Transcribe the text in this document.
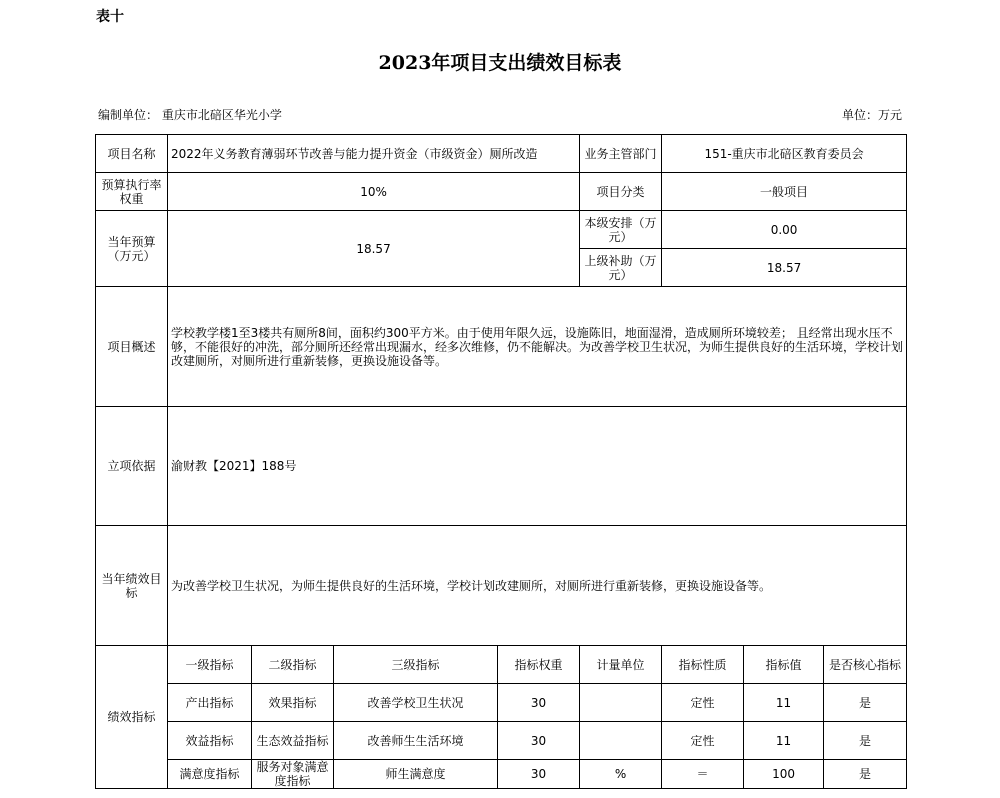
表十
2023年项目支出绩效目标表
编制单位： 重庆市北碚区华光小学	单位：万元
项目名称	2022年义务教育薄弱环节改善与能力提升资金（市级资金）厕所改造				业务主管部门	151-重庆市北碚区教育委员会		
预算执行率权重	10%				项目分类	一般项目		
当年预算（万元）	18.57				本级安排（万元）	0.00		
					上级补助（万元）	18.57		
项目概述	学校教学楼1至3楼共有厕所8间，面积约300平方米。由于使用年限久远，设施陈旧，地面湿滑，造成厕所环境较差； 且经常出现水压不够，不能很好的冲洗，部分厕所还经常出现漏水，经多次维修，仍不能解决。为改善学校卫生状况，为师生提供良好的生活环境，学校计划改建厕所，对厕所进行重新装修，更换设施设备等。							
立项依据	渝财教【2021】188号							
当年绩效目标	为改善学校卫生状况，为师生提供良好的生活环境，学校计划改建厕所，对厕所进行重新装修，更换设施设备等。							
绩效指标	一级指标	二级指标	三级指标	指标权重	计量单位	指标性质	指标值	是否核心指标
	产出指标	效果指标	改善学校卫生状况	30		定性	11	是
	效益指标	生态效益指标	改善师生生活环境	30		定性	11	是
	满意度指标	服务对象满意度指标	师生满意度	30	%	＝	100	是
